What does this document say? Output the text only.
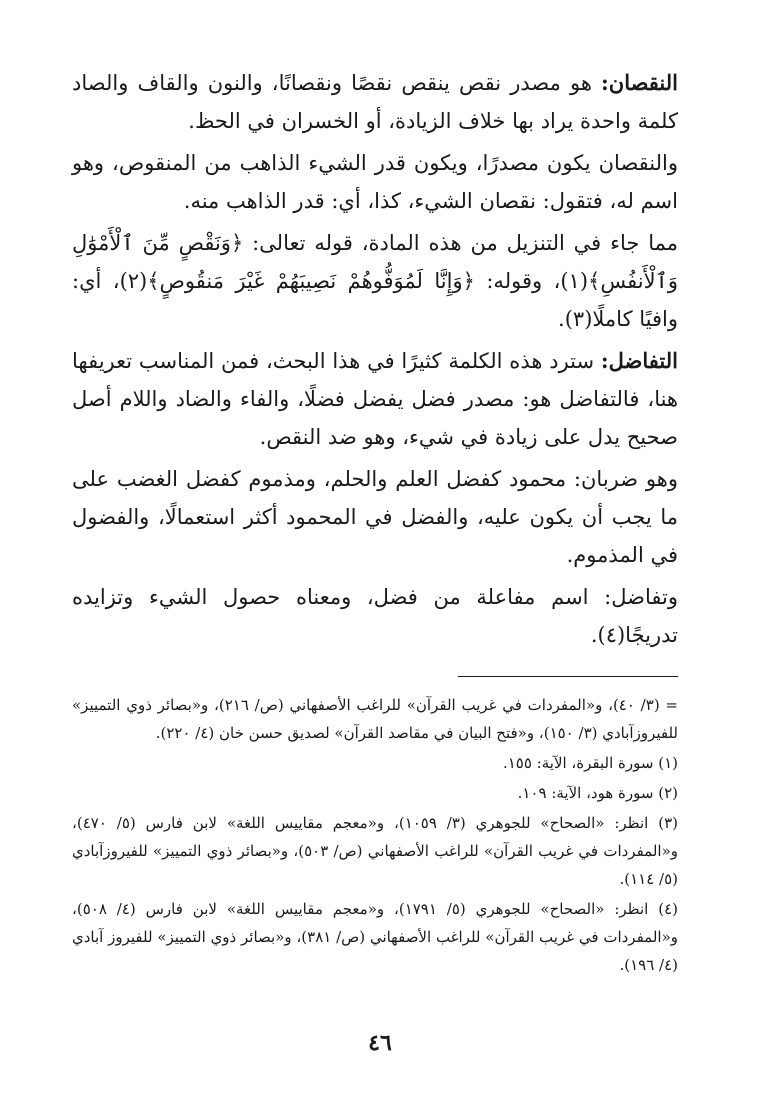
النقصان: هو مصدر نقص ينقص نقصًا ونقصانًا، والنون والقاف والصاد كلمة واحدة يراد بها خلاف الزيادة، أو الخسران في الحظ.

والنقصان يكون مصدرًا، ويكون قدر الشيء الذاهب من المنقوص، وهو اسم له، فتقول: نقصان الشيء، كذا، أي: قدر الذاهب منه.

مما جاء في التنزيل من هذه المادة، قوله تعالى: ﴿وَنَقْصٍ مِّنَ ٱلْأَمْوَٰلِ وَٱلْأَنفُسِ﴾(١)، وقوله: ﴿وَإِنَّا لَمُوَفُّوهُمْ نَصِيبَهُمْ غَيْرَ مَنقُوصٍ﴾(٢)، أي: وافيًا كاملًا(٣).

التفاضل: سترد هذه الكلمة كثيرًا في هذا البحث، فمن المناسب تعريفها هنا، فالتفاضل هو: مصدر فضل يفضل فضلًا، والفاء والضاد واللام أصل صحيح يدل على زيادة في شيء، وهو ضد النقص.

وهو ضربان: محمود كفضل العلم والحلم، ومذموم كفضل الغضب على ما يجب أن يكون عليه، والفضل في المحمود أكثر استعمالًا، والفضول في المذموم.

وتفاضل: اسم مفاعلة من فضل، ومعناه حصول الشيء وتزايده تدريجًا(٤).

= (٣/ ٤٠)، و«المفردات في غريب القرآن» للراغب الأصفهاني (ص/ ٢١٦)، و«بصائر ذوي التمييز» للفيروزآبادي (٣/ ١٥٠)، و«فتح البيان في مقاصد القرآن» لصديق حسن خان (٤/ ٢٢٠).

(١) سورة البقرة، الآية: ١٥٥.

(٢) سورة هود، الآية: ١٠٩.

(٣) انظر: «الصحاح» للجوهري (٣/ ١٠٥٩)، و«معجم مقاييس اللغة» لابن فارس (٥/ ٤٧٠)، و«المفردات في غريب القرآن» للراغب الأصفهاني (ص/ ٥٠٣)، و«بصائر ذوي التمييز» للفيروزآبادي (٥/ ١١٤).

(٤) انظر: «الصحاح» للجوهري (٥/ ١٧٩١)، و«معجم مقاييس اللغة» لابن فارس (٤/ ٥٠٨)، و«المفردات في غريب القرآن» للراغب الأصفهاني (ص/ ٣٨١)، و«بصائر ذوي التمييز» للفيروز آبادي (٤/ ١٩٦).

٤٦
